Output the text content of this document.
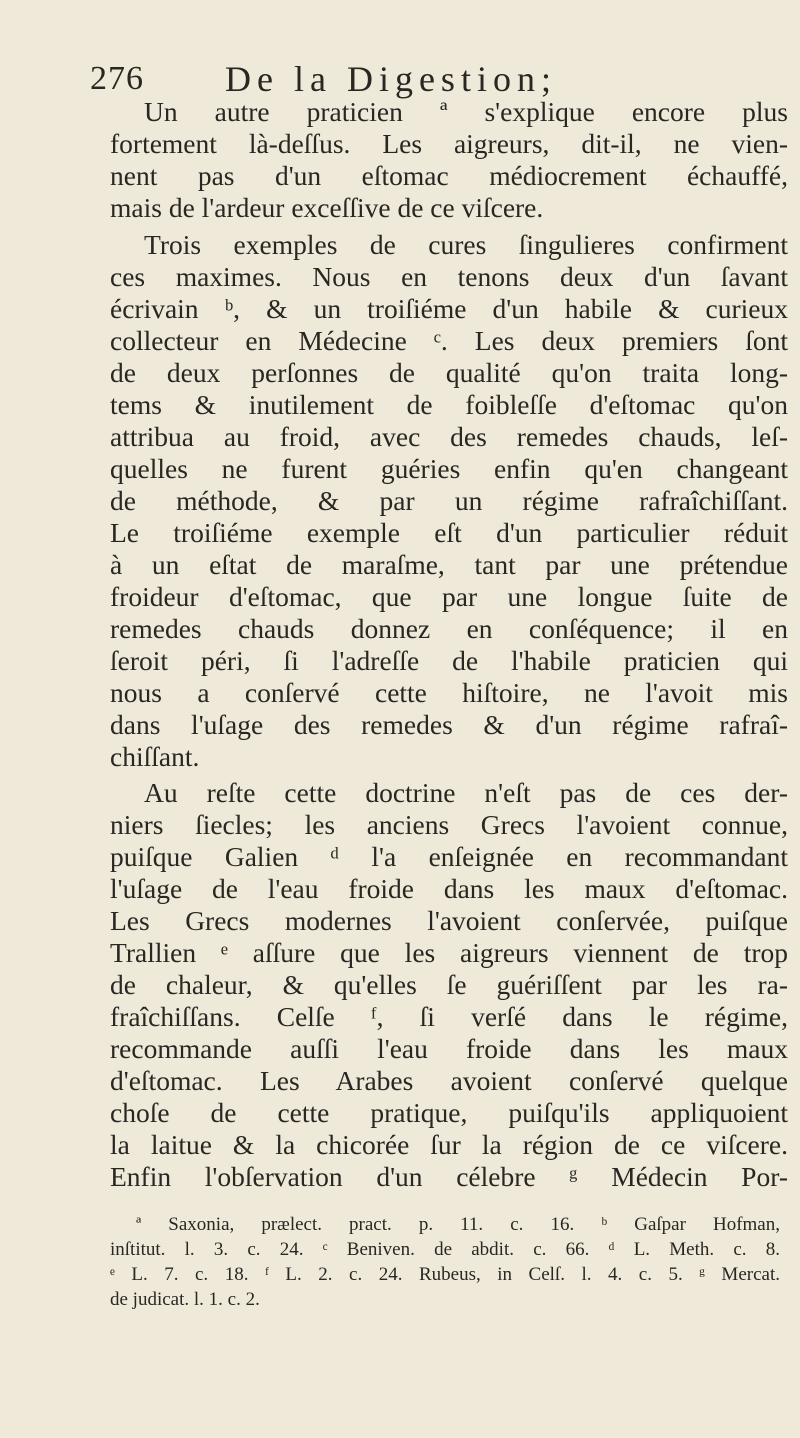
276 De la Digestion;
Un autre praticien ª s'explique encore plus
fortement là-deſſus. Les aigreurs, dit-il, ne vien-
nent pas d'un eſtomac médiocrement échauffé,
mais de l'ardeur exceſſive de ce viſcere.
Trois exemples de cures ſingulieres confirment
ces maximes. Nous en tenons deux d'un ſavant
écrivain ᵇ, & un troiſiéme d'un habile & curieux
collecteur en Médecine ᶜ. Les deux premiers ſont
de deux perſonnes de qualité qu'on traita long-
tems & inutilement de foibleſſe d'eſtomac qu'on
attribua au froid, avec des remedes chauds, leſ-
quelles ne furent guéries enfin qu'en changeant
de méthode, & par un régime rafraîchiſſant.
Le troiſiéme exemple eſt d'un particulier réduit
à un eſtat de maraſme, tant par une prétendue
froideur d'eſtomac, que par une longue ſuite de
remedes chauds donnez en conſéquence; il en
ſeroit péri, ſi l'adreſſe de l'habile praticien qui
nous a conſervé cette hiſtoire, ne l'avoit mis
dans l'uſage des remedes & d'un régime rafraî-
chiſſant.
Au reſte cette doctrine n'eſt pas de ces der-
niers ſiecles; les anciens Grecs l'avoient connue,
puiſque Galien ᵈ l'a enſeignée en recommandant
l'uſage de l'eau froide dans les maux d'eſtomac.
Les Grecs modernes l'avoient conſervée, puiſque
Trallien ᵉ aſſure que les aigreurs viennent de trop
de chaleur, & qu'elles ſe guériſſent par les ra-
fraîchiſſans. Celſe ᶠ, ſi verſé dans le régime,
recommande auſſi l'eau froide dans les maux
d'eſtomac. Les Arabes avoient conſervé quelque
choſe de cette pratique, puiſqu'ils appliquoient
la laitue & la chicorée ſur la région de ce viſcere.
Enfin l'obſervation d'un célebre ᵍ Médecin Por-
ª Saxonia, prælect. pract. p. 11. c. 16. ᵇ Gaſpar Hofman,
inſtitut. l. 3. c. 24. ᶜ Beniven. de abdit. c. 66. ᵈ L. Meth. c. 8.
ᵉ L. 7. c. 18. ᶠ L. 2. c. 24. Rubeus, in Celſ. l. 4. c. 5. ᵍ Mercat.
de judicat. l. 1. c. 2.
